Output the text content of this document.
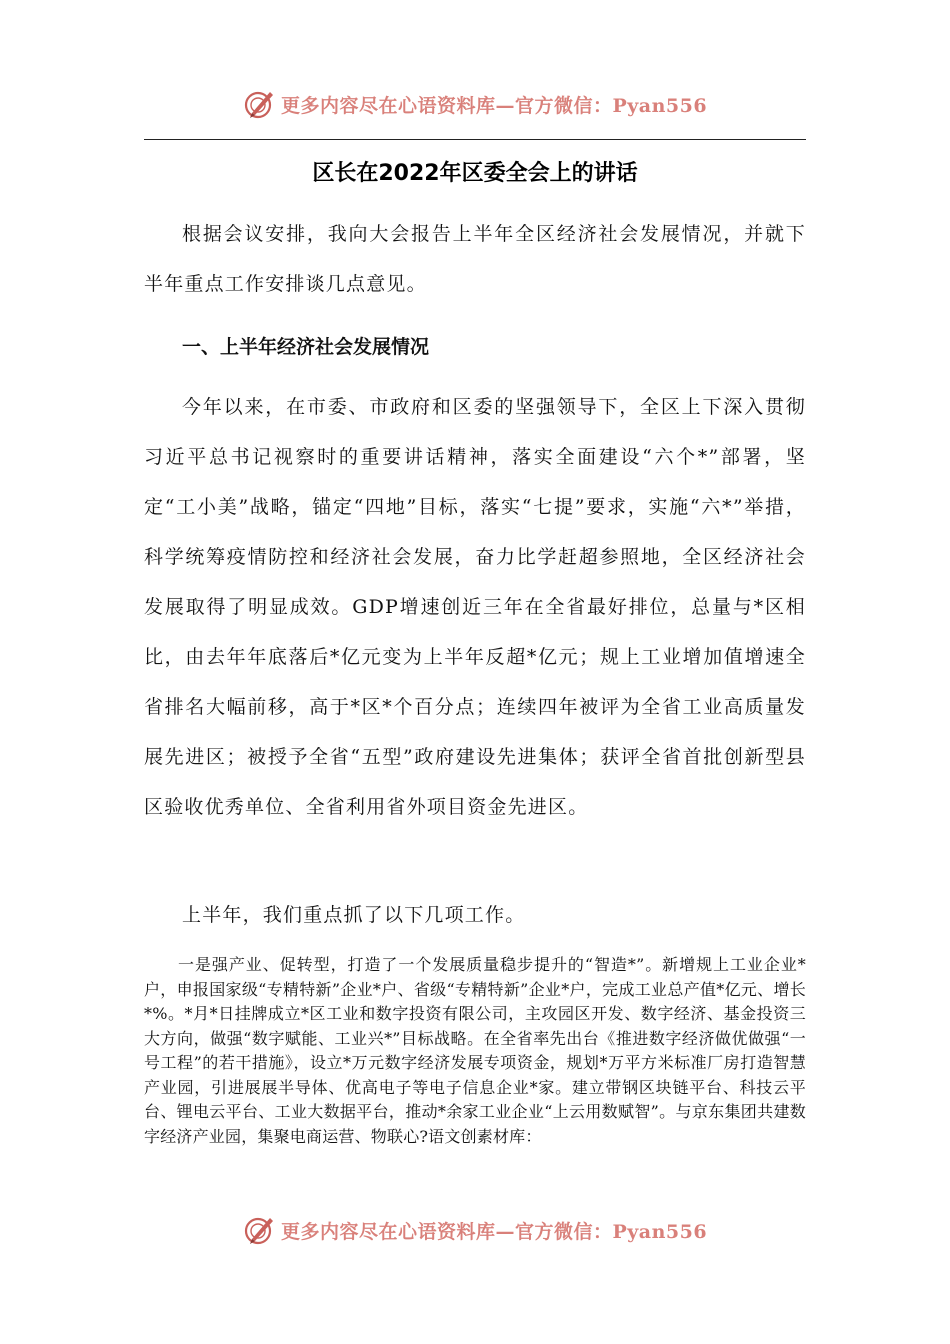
更多内容尽在心语资料库—官方微信：Pyan556
区长在2022年区委全会上的讲话

根据会议安排，我向大会报告上半年全区经济社会发展情况，并就下半年重点工作安排谈几点意见。

一、上半年经济社会发展情况

今年以来，在市委、市政府和区委的坚强领导下，全区上下深入贯彻习近平总书记视察时的重要讲话精神，落实全面建设“六个*”部署，坚定“工小美”战略，锚定“四地”目标，落实“七提”要求，实施“六*”举措，科学统筹疫情防控和经济社会发展，奋力比学赶超参照地，全区经济社会发展取得了明显成效。GDP增速创近三年在全省最好排位，总量与*区相比，由去年年底落后*亿元变为上半年反超*亿元；规上工业增加值增速全省排名大幅前移，高于*区*个百分点；连续四年被评为全省工业高质量发展先进区；被授予全省“五型”政府建设先进集体；获评全省首批创新型县区验收优秀单位、全省利用省外项目资金先进区。

上半年，我们重点抓了以下几项工作。

一是强产业、促转型，打造了一个发展质量稳步提升的“智造*”。新增规上工业企业*户，申报国家级“专精特新”企业*户、省级“专精特新”企业*户，完成工业总产值*亿元、增长*%。*月*日挂牌成立*区工业和数字投资有限公司，主攻园区开发、数字经济、基金投资三大方向，做强“数字赋能、工业兴*”目标战略。在全省率先出台《推进数字经济做优做强“一号工程”的若干措施》，设立*万元数字经济发展专项资金，规划*万平方米标准厂房打造智慧产业园，引进展展半导体、优高电子等电子信息企业*家。建立带钢区块链平台、科技云平台、锂电云平台、工业大数据平台，推动*余家工业企业“上云用数赋智”。与京东集团共建数字经济产业园，集聚电商运营、物联心?语文创素材库：

更多内容尽在心语资料库—官方微信：Pyan556
